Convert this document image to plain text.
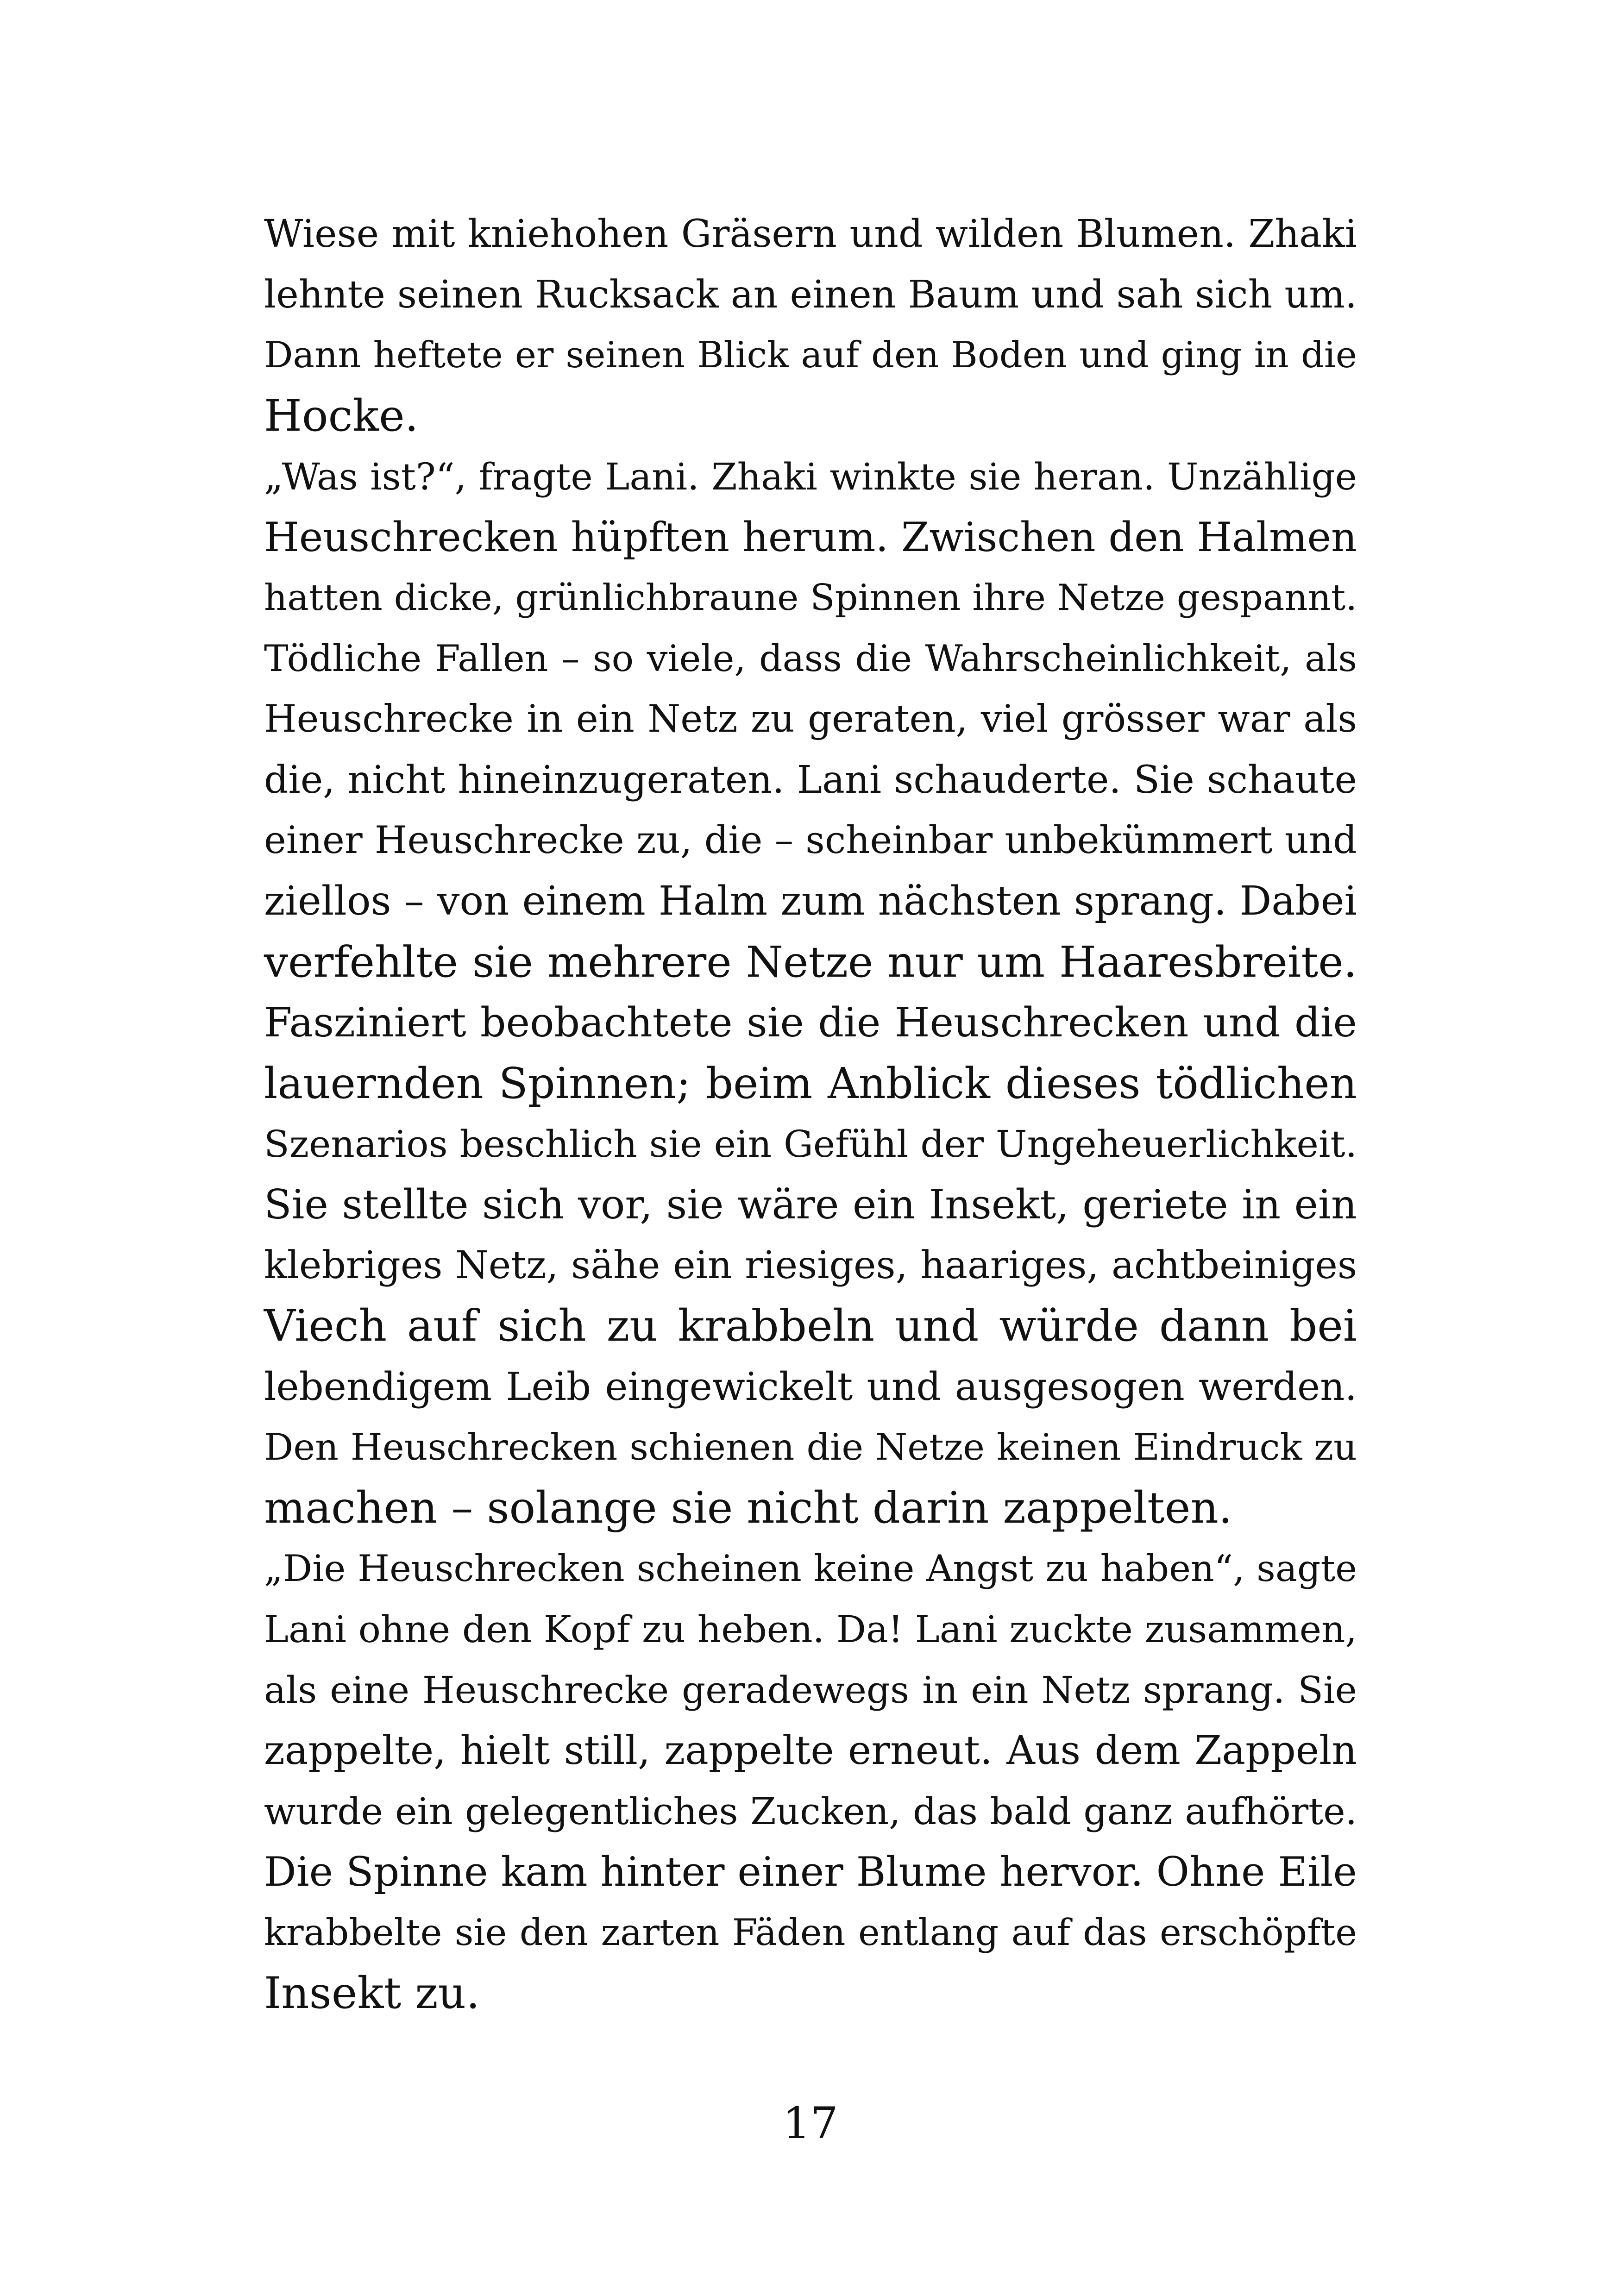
Wiese mit kniehohen Gräsern und wilden Blumen. Zhaki
lehnte seinen Rucksack an einen Baum und sah sich um.
Dann heftete er seinen Blick auf den Boden und ging in die
Hocke.
„Was ist?“, fragte Lani. Zhaki winkte sie heran. Unzählige
Heuschrecken hüpften herum. Zwischen den Halmen
hatten dicke, grünlichbraune Spinnen ihre Netze gespannt.
Tödliche Fallen – so viele, dass die Wahrscheinlichkeit, als
Heuschrecke in ein Netz zu geraten, viel grösser war als
die, nicht hineinzugeraten. Lani schauderte. Sie schaute
einer Heuschrecke zu, die – scheinbar unbekümmert und
ziellos – von einem Halm zum nächsten sprang. Dabei
verfehlte sie mehrere Netze nur um Haaresbreite.
Fasziniert beobachtete sie die Heuschrecken und die
lauernden Spinnen; beim Anblick dieses tödlichen
Szenarios beschlich sie ein Gefühl der Ungeheuerlichkeit.
Sie stellte sich vor, sie wäre ein Insekt, geriete in ein
klebriges Netz, sähe ein riesiges, haariges, achtbeiniges
Viech auf sich zu krabbeln und würde dann bei
lebendigem Leib eingewickelt und ausgesogen werden.
Den Heuschrecken schienen die Netze keinen Eindruck zu
machen – solange sie nicht darin zappelten.
„Die Heuschrecken scheinen keine Angst zu haben“, sagte
Lani ohne den Kopf zu heben. Da! Lani zuckte zusammen,
als eine Heuschrecke geradewegs in ein Netz sprang. Sie
zappelte, hielt still, zappelte erneut. Aus dem Zappeln
wurde ein gelegentliches Zucken, das bald ganz aufhörte.
Die Spinne kam hinter einer Blume hervor. Ohne Eile
krabbelte sie den zarten Fäden entlang auf das erschöpfte
Insekt zu.
17
